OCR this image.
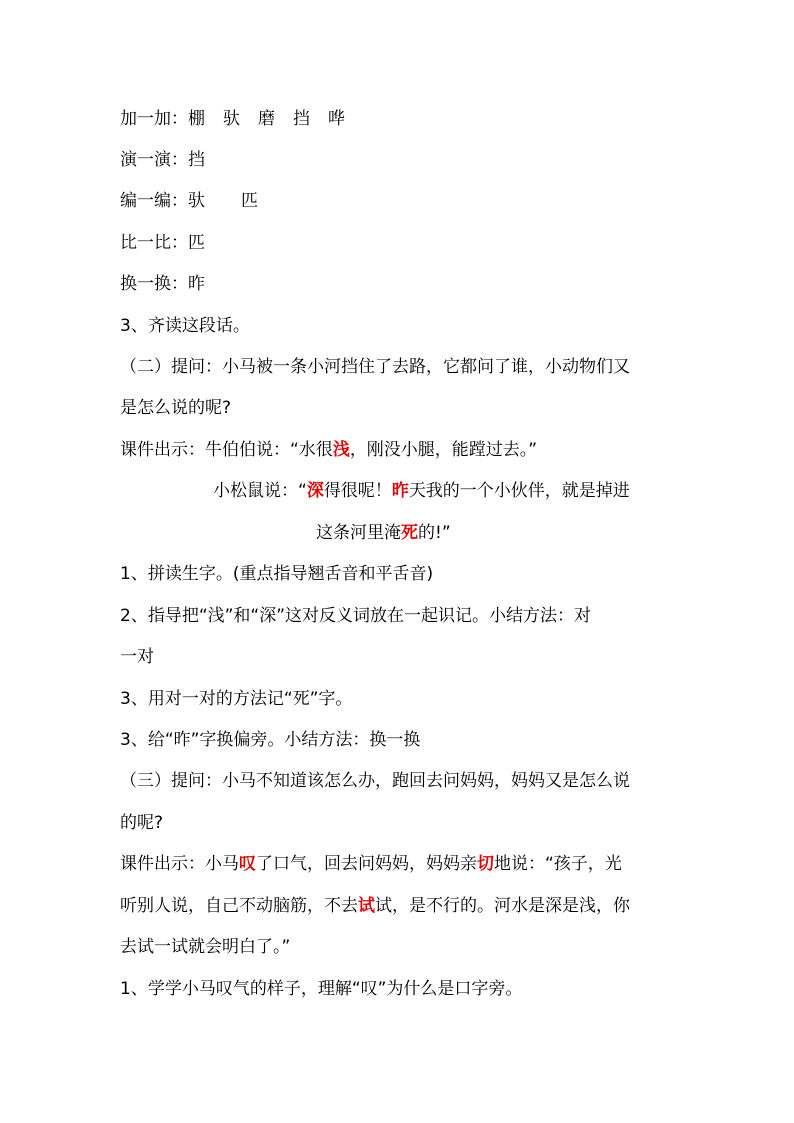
加一加：棚 驮 磨 挡 哗
演一演：挡
编一编：驮 匹
比一比：匹
换一换：昨
3、齐读这段话。
（二）提问：小马被一条小河挡住了去路，它都问了谁，小动物们又
是怎么说的呢?
课件出示：牛伯伯说：“水很浅，刚没小腿，能蹚过去。”
小松鼠说：“深得很呢！昨天我的一个小伙伴，就是掉进
这条河里淹死的!”
1、拼读生字。(重点指导翘舌音和平舌音)
2、指导把“浅”和“深”这对反义词放在一起识记。小结方法：对
一对
3、用对一对的方法记“死”字。
3、给“昨”字换偏旁。小结方法：换一换
（三）提问：小马不知道该怎么办，跑回去问妈妈，妈妈又是怎么说
的呢?
课件出示：小马叹了口气，回去问妈妈，妈妈亲切地说：“孩子，光
听别人说，自己不动脑筋，不去试试，是不行的。河水是深是浅，你
去试一试就会明白了。”
1、学学小马叹气的样子，理解“叹”为什么是口字旁。
